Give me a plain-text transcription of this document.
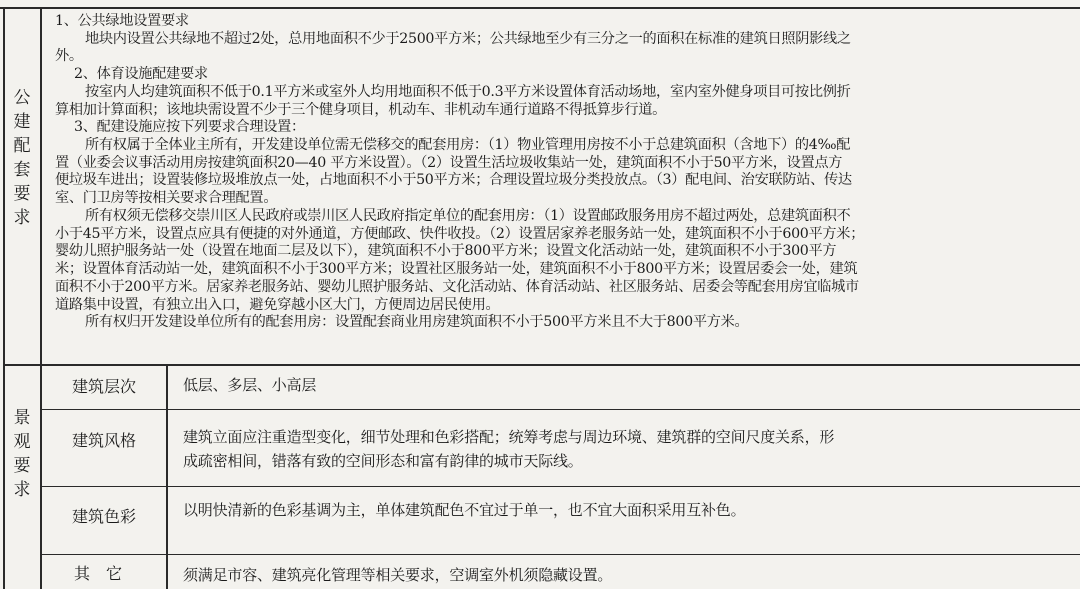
公
建
配
套
要
求
1、公共绿地设置要求
地块内设置公共绿地不超过2处，总用地面积不少于2500平方米；公共绿地至少有三分之一的面积在标准的建筑日照阴影线之
外。
2、体育设施配建要求
按室内人均建筑面积不低于0.1平方米或室外人均用地面积不低于0.3平方米设置体育活动场地，室内室外健身项目可按比例折
算相加计算面积；该地块需设置不少于三个健身项目，机动车、非机动车通行道路不得抵算步行道。
3、配建设施应按下列要求合理设置：
所有权属于全体业主所有，开发建设单位需无偿移交的配套用房：（1）物业管理用房按不小于总建筑面积（含地下）的4‰配
置（业委会议事活动用房按建筑面积20—40 平方米设置）。（2）设置生活垃圾收集站一处，建筑面积不小于50平方米，设置点方
便垃圾车进出；设置装修垃圾堆放点一处，占地面积不小于50平方米；合理设置垃圾分类投放点。（3）配电间、治安联防站、传达
室、门卫房等按相关要求合理配置。
所有权须无偿移交崇川区人民政府或崇川区人民政府指定单位的配套用房：（1）设置邮政服务用房不超过两处，总建筑面积不
小于45平方米，设置点应具有便捷的对外通道，方便邮政、快件收投。（2）设置居家养老服务站一处，建筑面积不小于600平方米；
婴幼儿照护服务站一处（设置在地面二层及以下），建筑面积不小于800平方米；设置文化活动站一处，建筑面积不小于300平方
米；设置体育活动站一处，建筑面积不小于300平方米；设置社区服务站一处，建筑面积不小于800平方米；设置居委会一处，建筑
面积不小于200平方米。居家养老服务站、婴幼儿照护服务站、文化活动站、体育活动站、社区服务站、居委会等配套用房宜临城市
道路集中设置，有独立出入口，避免穿越小区大门，方便周边居民使用。
所有权归开发建设单位所有的配套用房：设置配套商业用房建筑面积不小于500平方米且不大于800平方米。
景
观
要
求
建筑层次	低层、多层、小高层
建筑风格	建筑立面应注重造型变化，细节处理和色彩搭配；统筹考虑与周边环境、建筑群的空间尺度关系，形
成疏密相间，错落有致的空间形态和富有韵律的城市天际线。
建筑色彩	以明快清新的色彩基调为主，单体建筑配色不宜过于单一，也不宜大面积采用互补色。
其　它	须满足市容、建筑亮化管理等相关要求，空调室外机须隐藏设置。
